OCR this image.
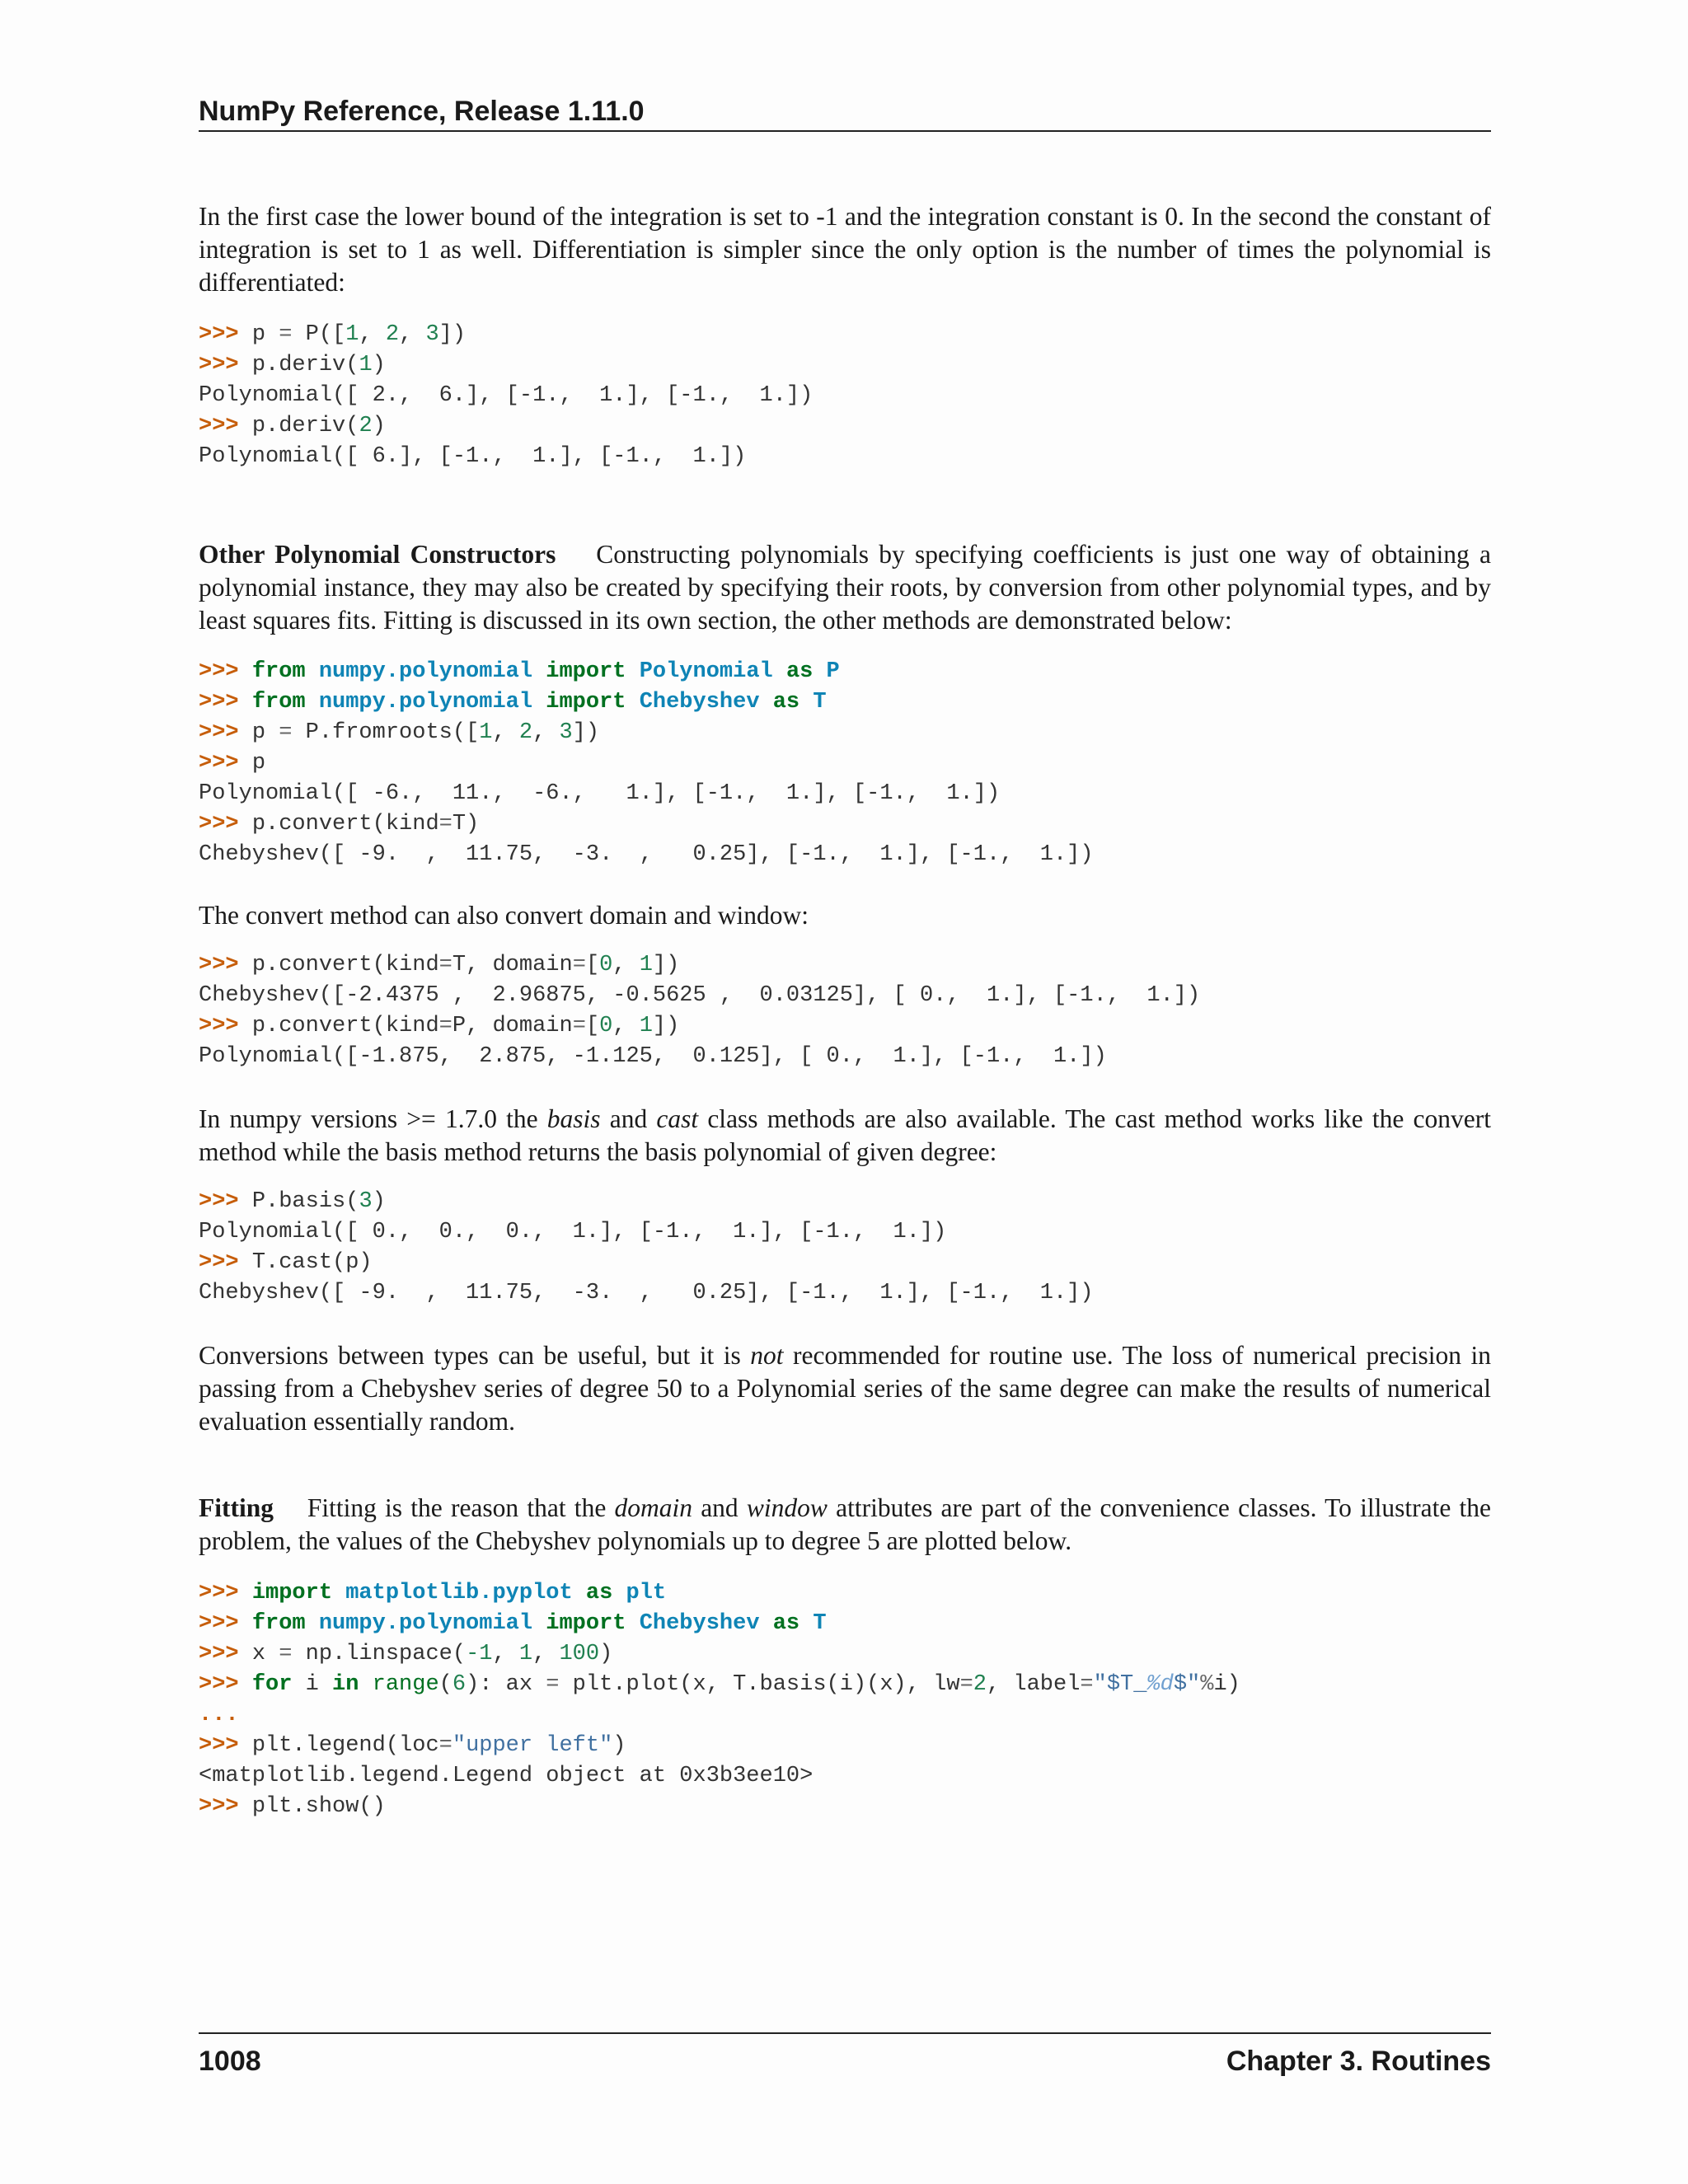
NumPy Reference, Release 1.11.0

In the first case the lower bound of the integration is set to -1 and the integration constant is 0. In the second the constant of integration is set to 1 as well. Differentiation is simpler since the only option is the number of times the polynomial is differentiated:

>>> p = P([1, 2, 3])
>>> p.deriv(1)
Polynomial([ 2.,  6.], [-1.,  1.], [-1.,  1.])
>>> p.deriv(2)
Polynomial([ 6.], [-1.,  1.], [-1.,  1.])

Other Polynomial Constructors Constructing polynomials by specifying coefficients is just one way of obtaining a polynomial instance, they may also be created by specifying their roots, by conversion from other polynomial types, and by least squares fits. Fitting is discussed in its own section, the other methods are demonstrated below:

>>> from numpy.polynomial import Polynomial as P
>>> from numpy.polynomial import Chebyshev as T
>>> p = P.fromroots([1, 2, 3])
>>> p
Polynomial([ -6.,  11.,  -6.,   1.], [-1.,  1.], [-1.,  1.])
>>> p.convert(kind=T)
Chebyshev([ -9.  ,  11.75,  -3.  ,   0.25], [-1.,  1.], [-1.,  1.])

The convert method can also convert domain and window:

>>> p.convert(kind=T, domain=[0, 1])
Chebyshev([-2.4375 ,  2.96875, -0.5625 ,  0.03125], [ 0.,  1.], [-1.,  1.])
>>> p.convert(kind=P, domain=[0, 1])
Polynomial([-1.875,  2.875, -1.125,  0.125], [ 0.,  1.], [-1.,  1.])

In numpy versions >= 1.7.0 the basis and cast class methods are also available. The cast method works like the convert method while the basis method returns the basis polynomial of given degree:

>>> P.basis(3)
Polynomial([ 0.,  0.,  0.,  1.], [-1.,  1.], [-1.,  1.])
>>> T.cast(p)
Chebyshev([ -9.  ,  11.75,  -3.  ,   0.25], [-1.,  1.], [-1.,  1.])

Conversions between types can be useful, but it is not recommended for routine use. The loss of numerical precision in passing from a Chebyshev series of degree 50 to a Polynomial series of the same degree can make the results of numerical evaluation essentially random.

Fitting Fitting is the reason that the domain and window attributes are part of the convenience classes. To illustrate the problem, the values of the Chebyshev polynomials up to degree 5 are plotted below.

>>> import matplotlib.pyplot as plt
>>> from numpy.polynomial import Chebyshev as T
>>> x = np.linspace(-1, 1, 100)
>>> for i in range(6): ax = plt.plot(x, T.basis(i)(x), lw=2, label="$T_%d$"%i)
...
>>> plt.legend(loc="upper left")
<matplotlib.legend.Legend object at 0x3b3ee10>
>>> plt.show()
1008	Chapter 3. Routines
